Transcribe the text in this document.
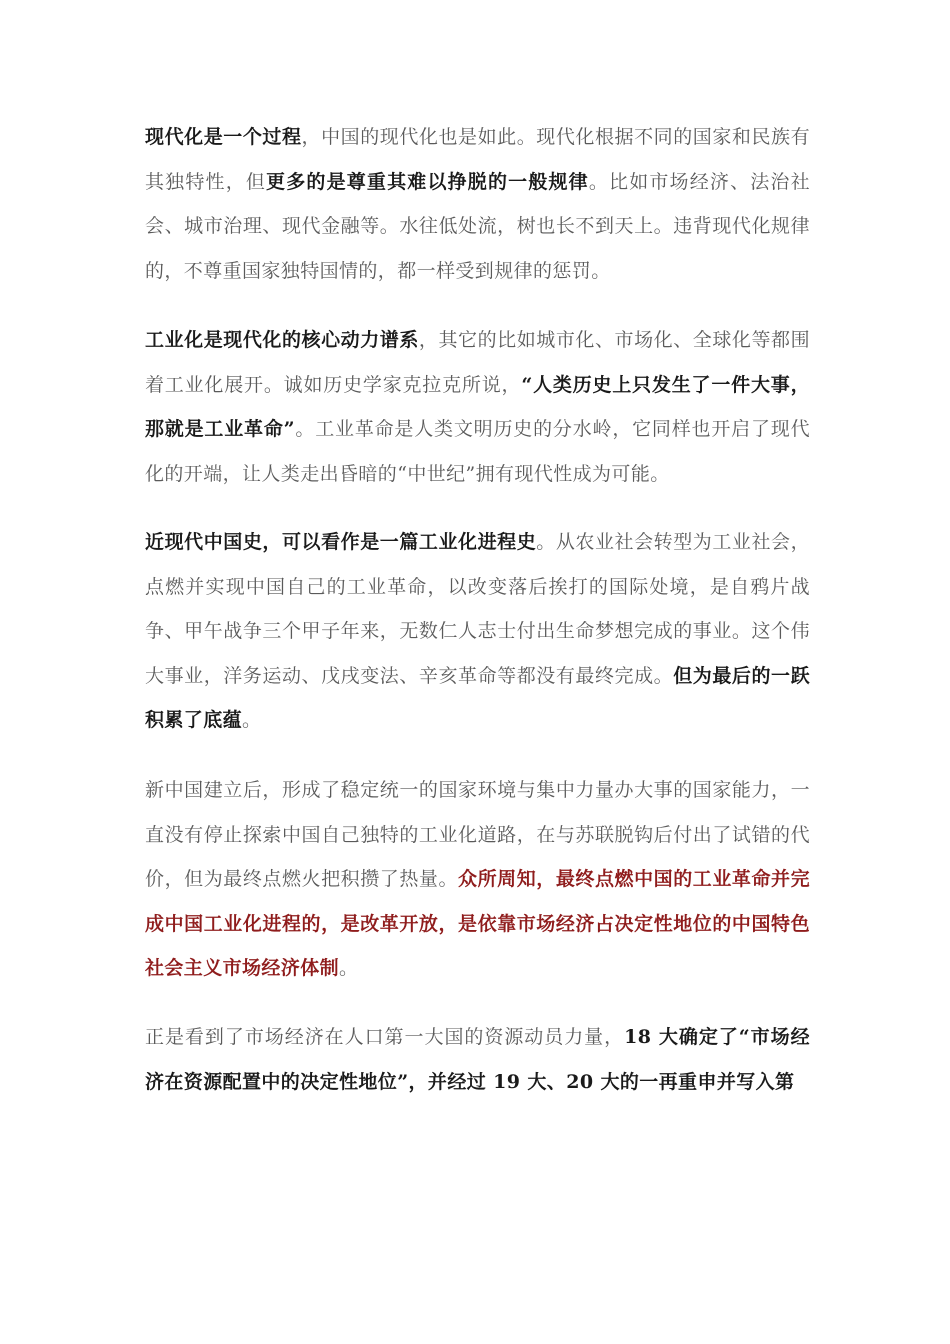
现代化是一个过程，中国的现代化也是如此。现代化根据不同的国家和民族有其独特性，但更多的是尊重其难以挣脱的一般规律。比如市场经济、法治社会、城市治理、现代金融等。水往低处流，树也长不到天上。违背现代化规律的，不尊重国家独特国情的，都一样受到规律的惩罚。

工业化是现代化的核心动力谱系，其它的比如城市化、市场化、全球化等都围着工业化展开。诚如历史学家克拉克所说，“人类历史上只发生了一件大事，那就是工业革命”。工业革命是人类文明历史的分水岭，它同样也开启了现代化的开端，让人类走出昏暗的“中世纪”拥有现代性成为可能。

近现代中国史，可以看作是一篇工业化进程史。从农业社会转型为工业社会，点燃并实现中国自己的工业革命，以改变落后挨打的国际处境，是自鸦片战争、甲午战争三个甲子年来，无数仁人志士付出生命梦想完成的事业。这个伟大事业，洋务运动、戊戌变法、辛亥革命等都没有最终完成。但为最后的一跃积累了底蕴。

新中国建立后，形成了稳定统一的国家环境与集中力量办大事的国家能力，一直没有停止探索中国自己独特的工业化道路，在与苏联脱钩后付出了试错的代价，但为最终点燃火把积攒了热量。众所周知，最终点燃中国的工业革命并完成中国工业化进程的，是改革开放，是依靠市场经济占决定性地位的中国特色社会主义市场经济体制。

正是看到了市场经济在人口第一大国的资源动员力量，18 大确定了“市场经济在资源配置中的决定性地位”，并经过 19 大、20 大的一再重申并写入第
